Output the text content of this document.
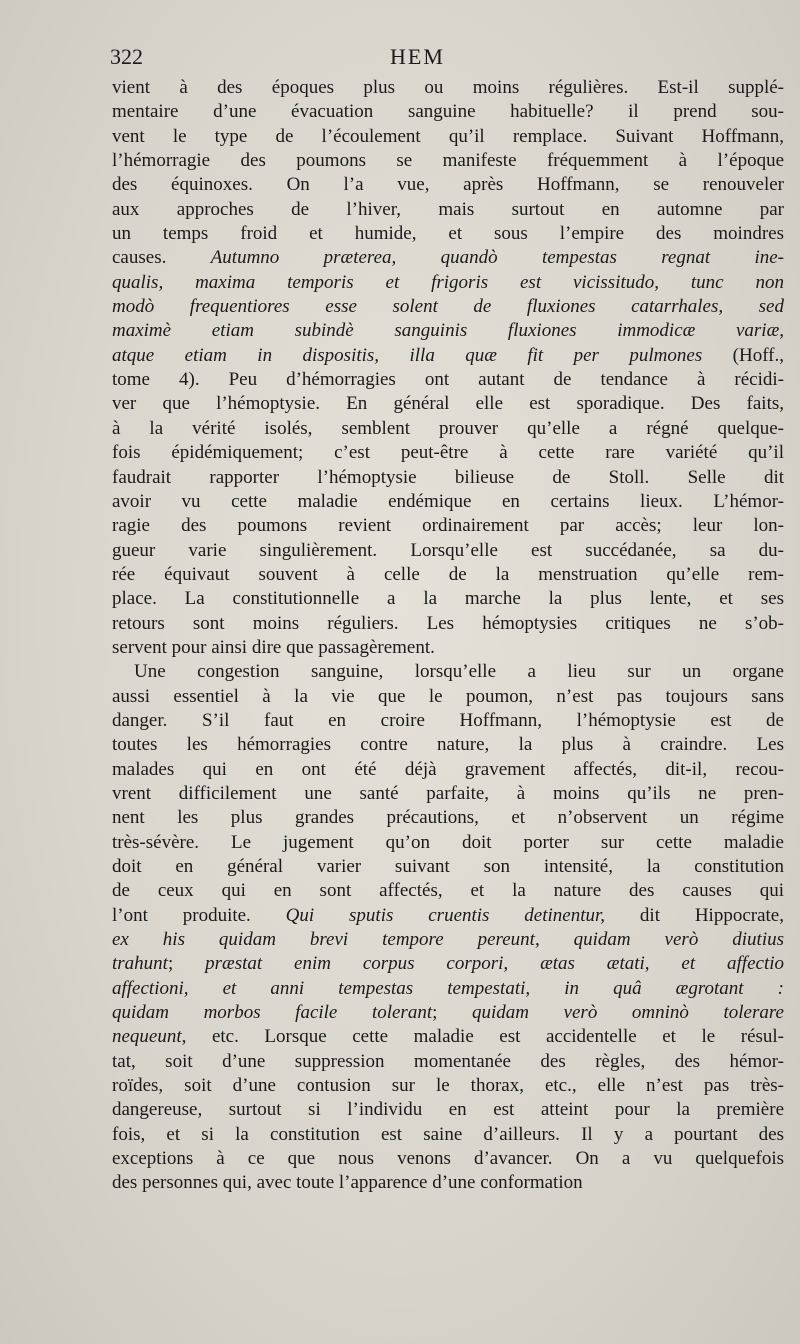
322	HEM
vient à des époques plus ou moins régulières. Est-il supplé-
mentaire d’une évacuation sanguine habituelle? il prend sou-
vent le type de l’écoulement qu’il remplace. Suivant Hoffmann,
l’hémorragie des poumons se manifeste fréquemment à l’époque
des équinoxes. On l’a vue, après Hoffmann, se renouveler
aux approches de l’hiver, mais surtout en automne par
un temps froid et humide, et sous l’empire des moindres
causes. Autumno præterea, quandò tempestas regnat ine-
qualis, maxima temporis et frigoris est vicissitudo, tunc non
modò frequentiores esse solent de fluxiones catarrhales, sed
maximè etiam subindè sanguinis fluxiones immodicæ variæ,
atque etiam in dispositis, illa quæ fit per pulmones (Hoff.,
tome 4). Peu d’hémorragies ont autant de tendance à récidi-
ver que l’hémoptysie. En général elle est sporadique. Des faits,
à la vérité isolés, semblent prouver qu’elle a régné quelque-
fois épidémiquement; c’est peut-être à cette rare variété qu’il
faudrait rapporter l’hémoptysie bilieuse de Stoll. Selle dit
avoir vu cette maladie endémique en certains lieux. L’hémor-
ragie des poumons revient ordinairement par accès; leur lon-
gueur varie singulièrement. Lorsqu’elle est succédanée, sa du-
rée équivaut souvent à celle de la menstruation qu’elle rem-
place. La constitutionnelle a la marche la plus lente, et ses
retours sont moins réguliers. Les hémoptysies critiques ne s’ob-
servent pour ainsi dire que passagèrement.
Une congestion sanguine, lorsqu’elle a lieu sur un organe
aussi essentiel à la vie que le poumon, n’est pas toujours sans
danger. S’il faut en croire Hoffmann, l’hémoptysie est de
toutes les hémorragies contre nature, la plus à craindre. Les
malades qui en ont été déjà gravement affectés, dit-il, recou-
vrent difficilement une santé parfaite, à moins qu’ils ne pren-
nent les plus grandes précautions, et n’observent un régime
très-sévère. Le jugement qu’on doit porter sur cette maladie
doit en général varier suivant son intensité, la constitution
de ceux qui en sont affectés, et la nature des causes qui
l’ont produite. Qui sputis cruentis detinentur, dit Hippocrate,
ex his quidam brevi tempore pereunt, quidam verò diutius
trahunt; præstat enim corpus corpori, ætas ætati, et affectio
affectioni, et anni tempestas tempestati, in quâ ægrotant :
quidam morbos facile tolerant; quidam verò omninò tolerare
nequeunt, etc. Lorsque cette maladie est accidentelle et le résul-
tat, soit d’une suppression momentanée des règles, des hémor-
roïdes, soit d’une contusion sur le thorax, etc., elle n’est pas très-
dangereuse, surtout si l’individu en est atteint pour la première
fois, et si la constitution est saine d’ailleurs. Il y a pourtant des
exceptions à ce que nous venons d’avancer. On a vu quelquefois
des personnes qui, avec toute l’apparence d’une conformation
